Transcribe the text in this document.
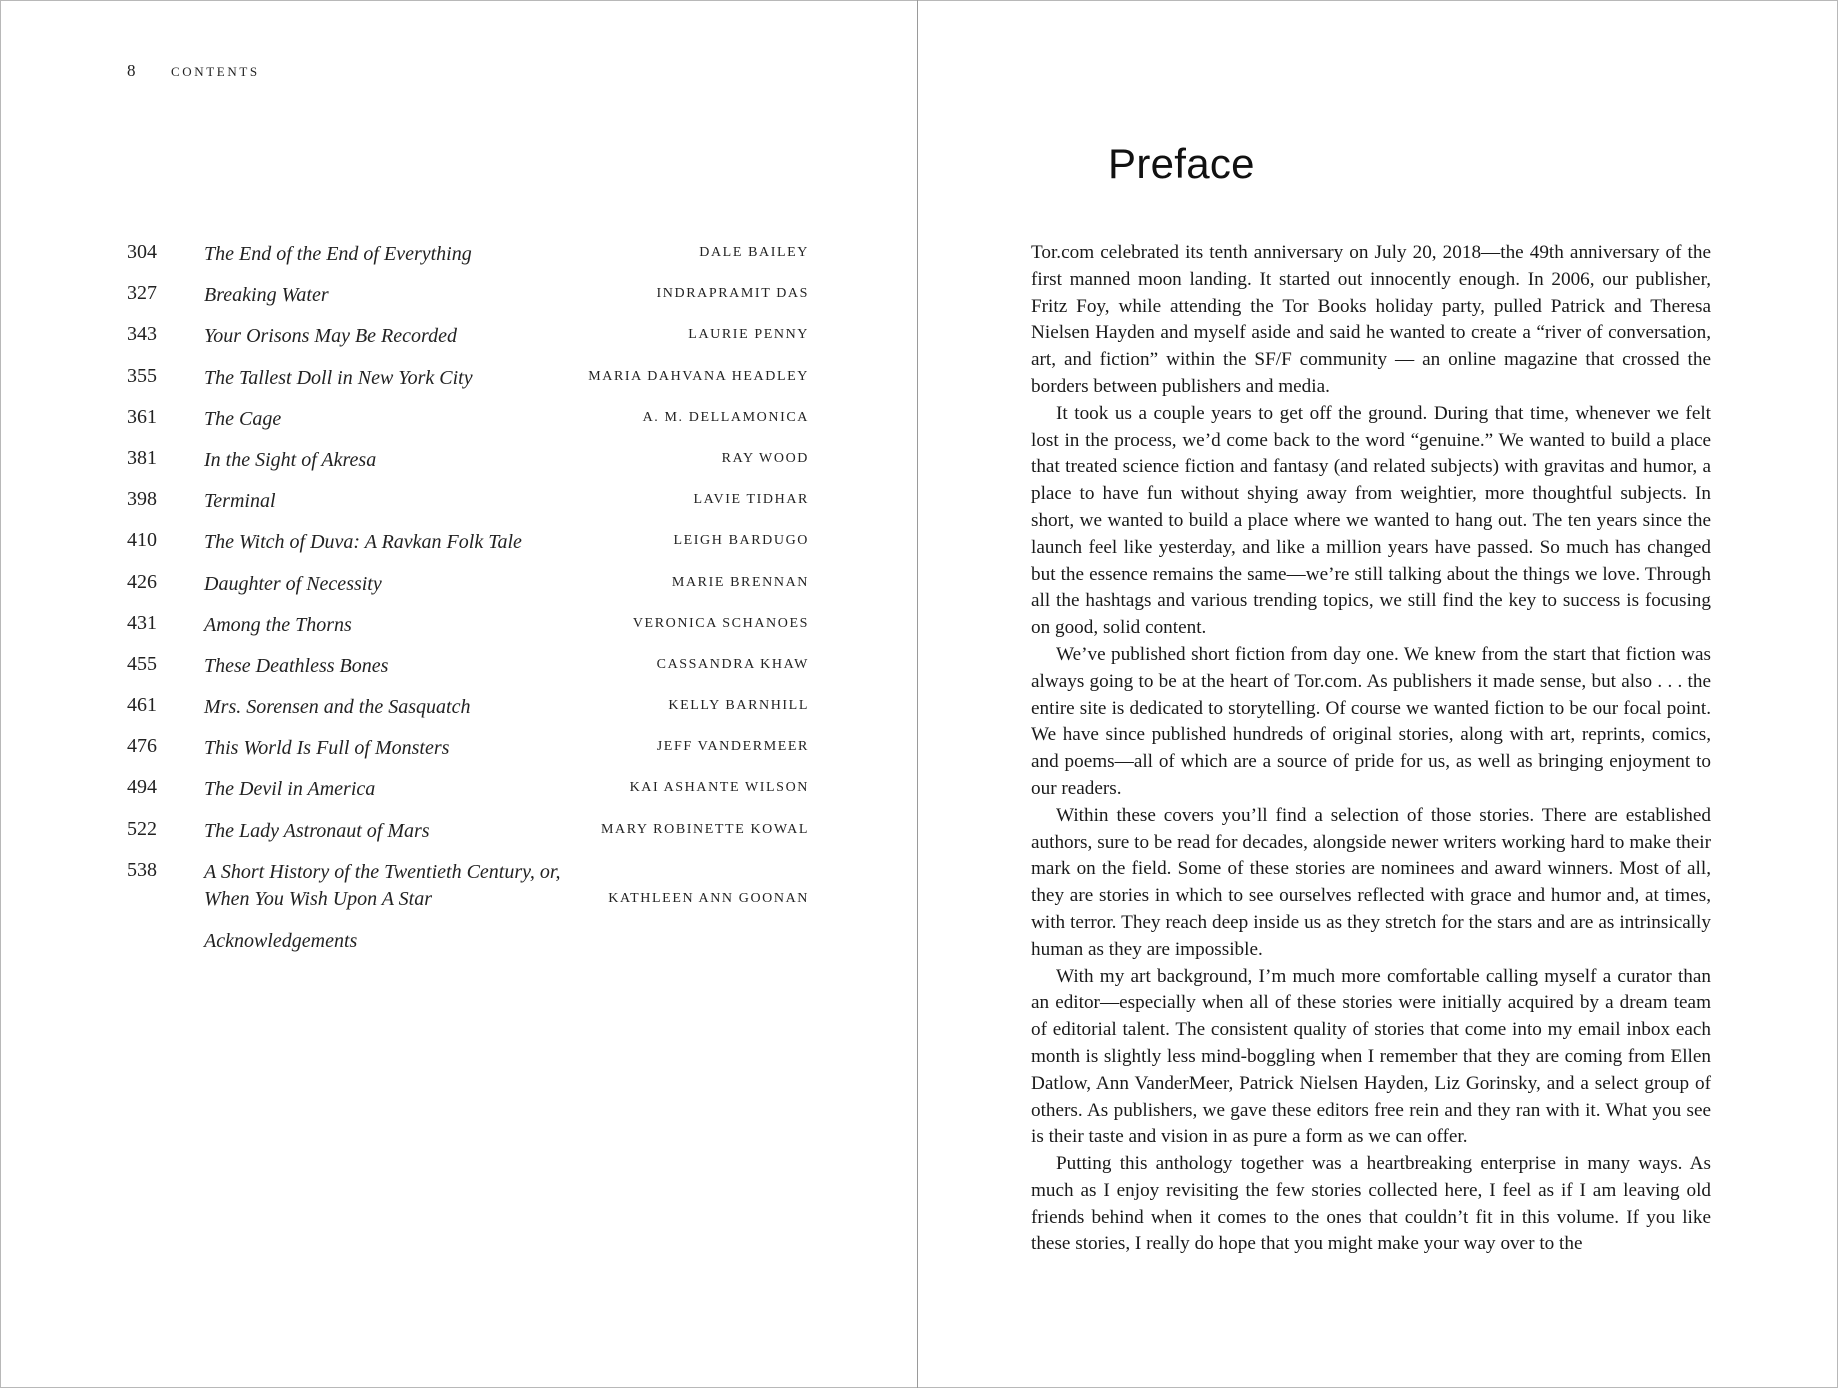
8	CONTENTS
304 The End of the End of Everything	DALE BAILEY
327 Breaking Water	INDRAPRAMIT DAS
343 Your Orisons May Be Recorded	LAURIE PENNY
355 The Tallest Doll in New York City	MARIA DAHVANA HEADLEY
361 The Cage	A. M. DELLAMONICA
381 In the Sight of Akresa	RAY WOOD
398 Terminal	LAVIE TIDHAR
410 The Witch of Duva: A Ravkan Folk Tale	LEIGH BARDUGO
426 Daughter of Necessity	MARIE BRENNAN
431 Among the Thorns	VERONICA SCHANOES
455 These Deathless Bones	CASSANDRA KHAW
461 Mrs. Sorensen and the Sasquatch	KELLY BARNHILL
476 This World Is Full of Monsters	JEFF VANDERMEER
494 The Devil in America	KAI ASHANTE WILSON
522 The Lady Astronaut of Mars	MARY ROBINETTE KOWAL
538 A Short History of the Twentieth Century, or, When You Wish Upon A Star	KATHLEEN ANN GOONAN
Acknowledgements
Preface

Tor.com celebrated its tenth anniversary on July 20, 2018—the 49th anniversary of the first manned moon landing. It started out innocently enough. In 2006, our publisher, Fritz Foy, while attending the Tor Books holiday party, pulled Patrick and Theresa Nielsen Hayden and myself aside and said he wanted to create a “river of conversation, art, and fiction” within the SF/F community — an online magazine that crossed the borders between publishers and media.

It took us a couple years to get off the ground. During that time, whenever we felt lost in the process, we’d come back to the word “genuine.” We wanted to build a place that treated science fiction and fantasy (and related subjects) with gravitas and humor, a place to have fun without shying away from weightier, more thoughtful subjects. In short, we wanted to build a place where we wanted to hang out. The ten years since the launch feel like yesterday, and like a million years have passed. So much has changed but the essence remains the same—we’re still talking about the things we love. Through all the hashtags and various trending topics, we still find the key to success is focusing on good, solid content.

We’ve published short fiction from day one. We knew from the start that fiction was always going to be at the heart of Tor.com. As publishers it made sense, but also . . . the entire site is dedicated to storytelling. Of course we wanted fiction to be our focal point. We have since published hundreds of original stories, along with art, reprints, comics, and poems—all of which are a source of pride for us, as well as bringing enjoyment to our readers.

Within these covers you’ll find a selection of those stories. There are established authors, sure to be read for decades, alongside newer writers working hard to make their mark on the field. Some of these stories are nominees and award winners. Most of all, they are stories in which to see ourselves reflected with grace and humor and, at times, with terror. They reach deep inside us as they stretch for the stars and are as intrinsically human as they are impossible.

With my art background, I’m much more comfortable calling myself a curator than an editor—especially when all of these stories were initially acquired by a dream team of editorial talent. The consistent quality of stories that come into my email inbox each month is slightly less mind-boggling when I remember that they are coming from Ellen Datlow, Ann VanderMeer, Patrick Nielsen Hayden, Liz Gorinsky, and a select group of others. As publishers, we gave these editors free rein and they ran with it. What you see is their taste and vision in as pure a form as we can offer.

Putting this anthology together was a heartbreaking enterprise in many ways. As much as I enjoy revisiting the few stories collected here, I feel as if I am leaving old friends behind when it comes to the ones that couldn’t fit in this volume. If you like these stories, I really do hope that you might make your way over to the
